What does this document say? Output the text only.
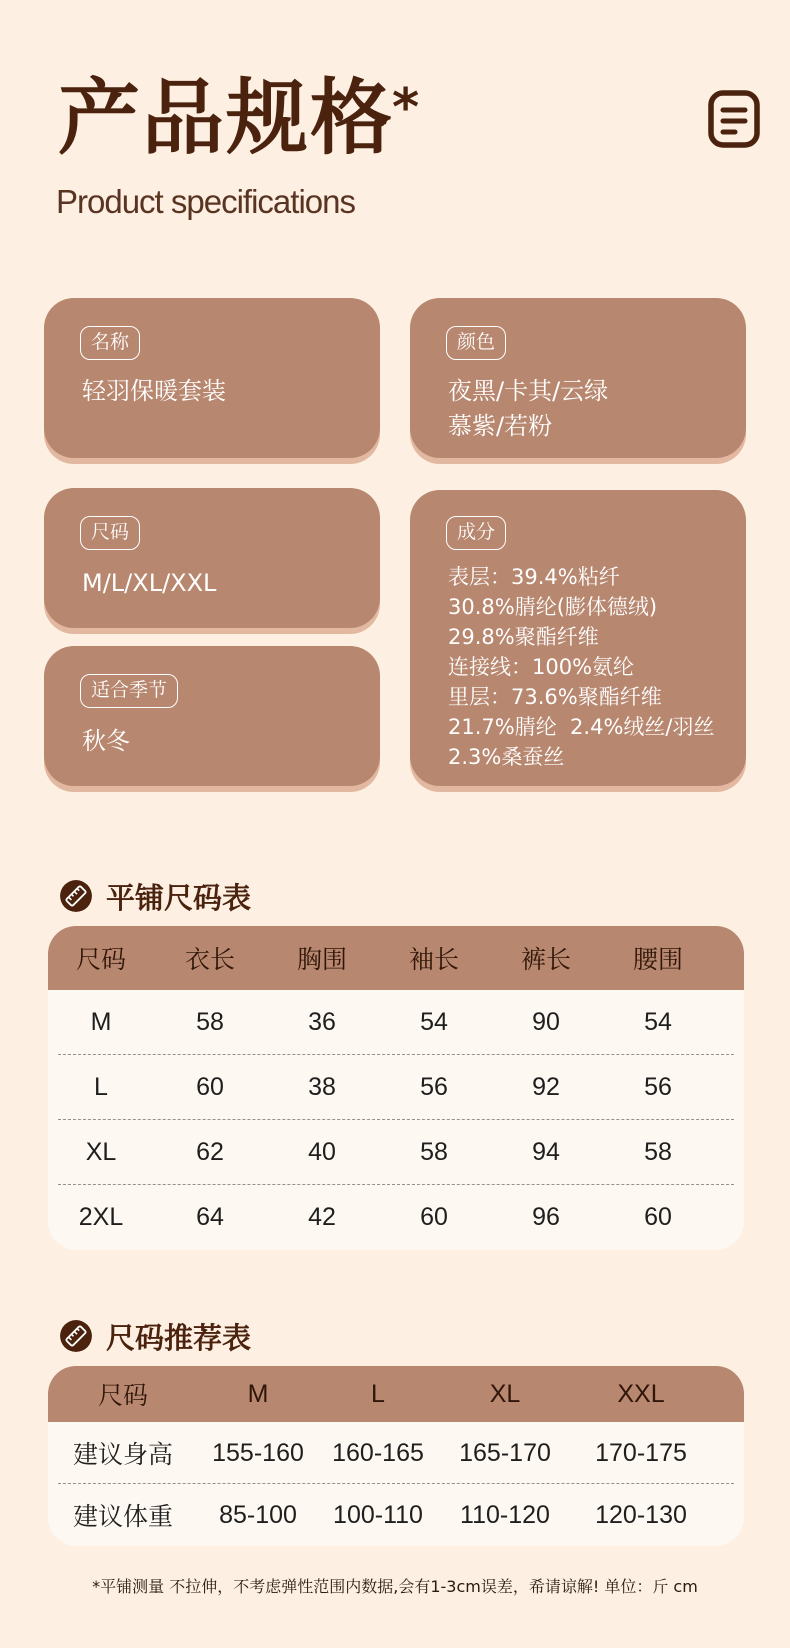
产品规格
*
Product specifications
名称
轻羽保暖套装
颜色
夜黑/卡其/云绿
慕紫/若粉
尺码
M/L/XL/XXL
适合季节
秋冬
成分
表层：39.4%粘纤
30.8%腈纶(膨体德绒)
29.8%聚酯纤维
连接线：100%氨纶
里层：73.6%聚酯纤维
21.7%腈纶  2.4%绒丝/羽丝
2.3%桑蚕丝
平铺尺码表
尺码	衣长	胸围	袖长	裤长	腰围
M	58	36	54	90	54
L	60	38	56	92	56
XL	62	40	58	94	58
2XL	64	42	60	96	60
尺码推荐表
尺码	M	L	XL	XXL
建议身高	155-160	160-165	165-170	170-175
建议体重	85-100	100-110	110-120	120-130
*平铺测量 不拉伸，不考虑弹性范围内数据,会有1-3cm误差，希请谅解! 单位：斤 cm
